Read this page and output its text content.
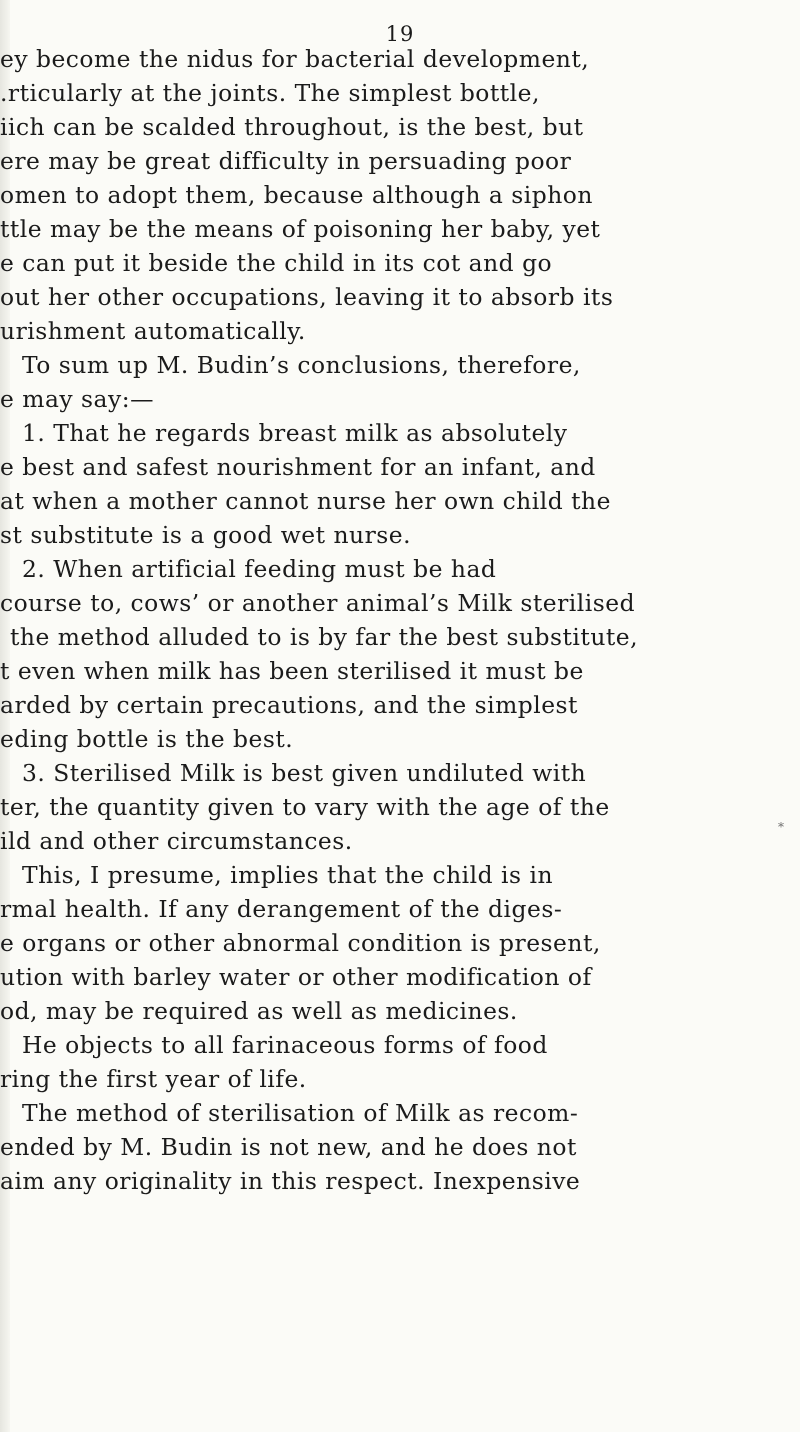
19
ey become the nidus for bacterial development,
.rticularly at the joints. The simplest bottle,
iich can be scalded throughout, is the best, but
ere may be great difficulty in persuading poor
omen to adopt them, because although a siphon
ttle may be the means of poisoning her baby, yet
e can put it beside the child in its cot and go
out her other occupations, leaving it to absorb its
urishment automatically.
To sum up M. Budin’s conclusions, therefore,
e may say:—
1. That he regards breast milk as absolutely
e best and safest nourishment for an infant, and
at when a mother cannot nurse her own child the
st substitute is a good wet nurse.
2. When artificial feeding must be had
course to, cows’ or another animal’s Milk sterilised
the method alluded to is by far the best substitute,
t even when milk has been sterilised it must be
arded by certain precautions, and the simplest
eding bottle is the best.
3. Sterilised Milk is best given undiluted with
ter, the quantity given to vary with the age of the
ild and other circumstances.
This, I presume, implies that the child is in
rmal health. If any derangement of the diges-
e organs or other abnormal condition is present,
ution with barley water or other modification of
od, may be required as well as medicines.
He objects to all farinaceous forms of food
ring the first year of life.
The method of sterilisation of Milk as recom-
ended by M. Budin is not new, and he does not
aim any originality in this respect. Inexpensive
*
